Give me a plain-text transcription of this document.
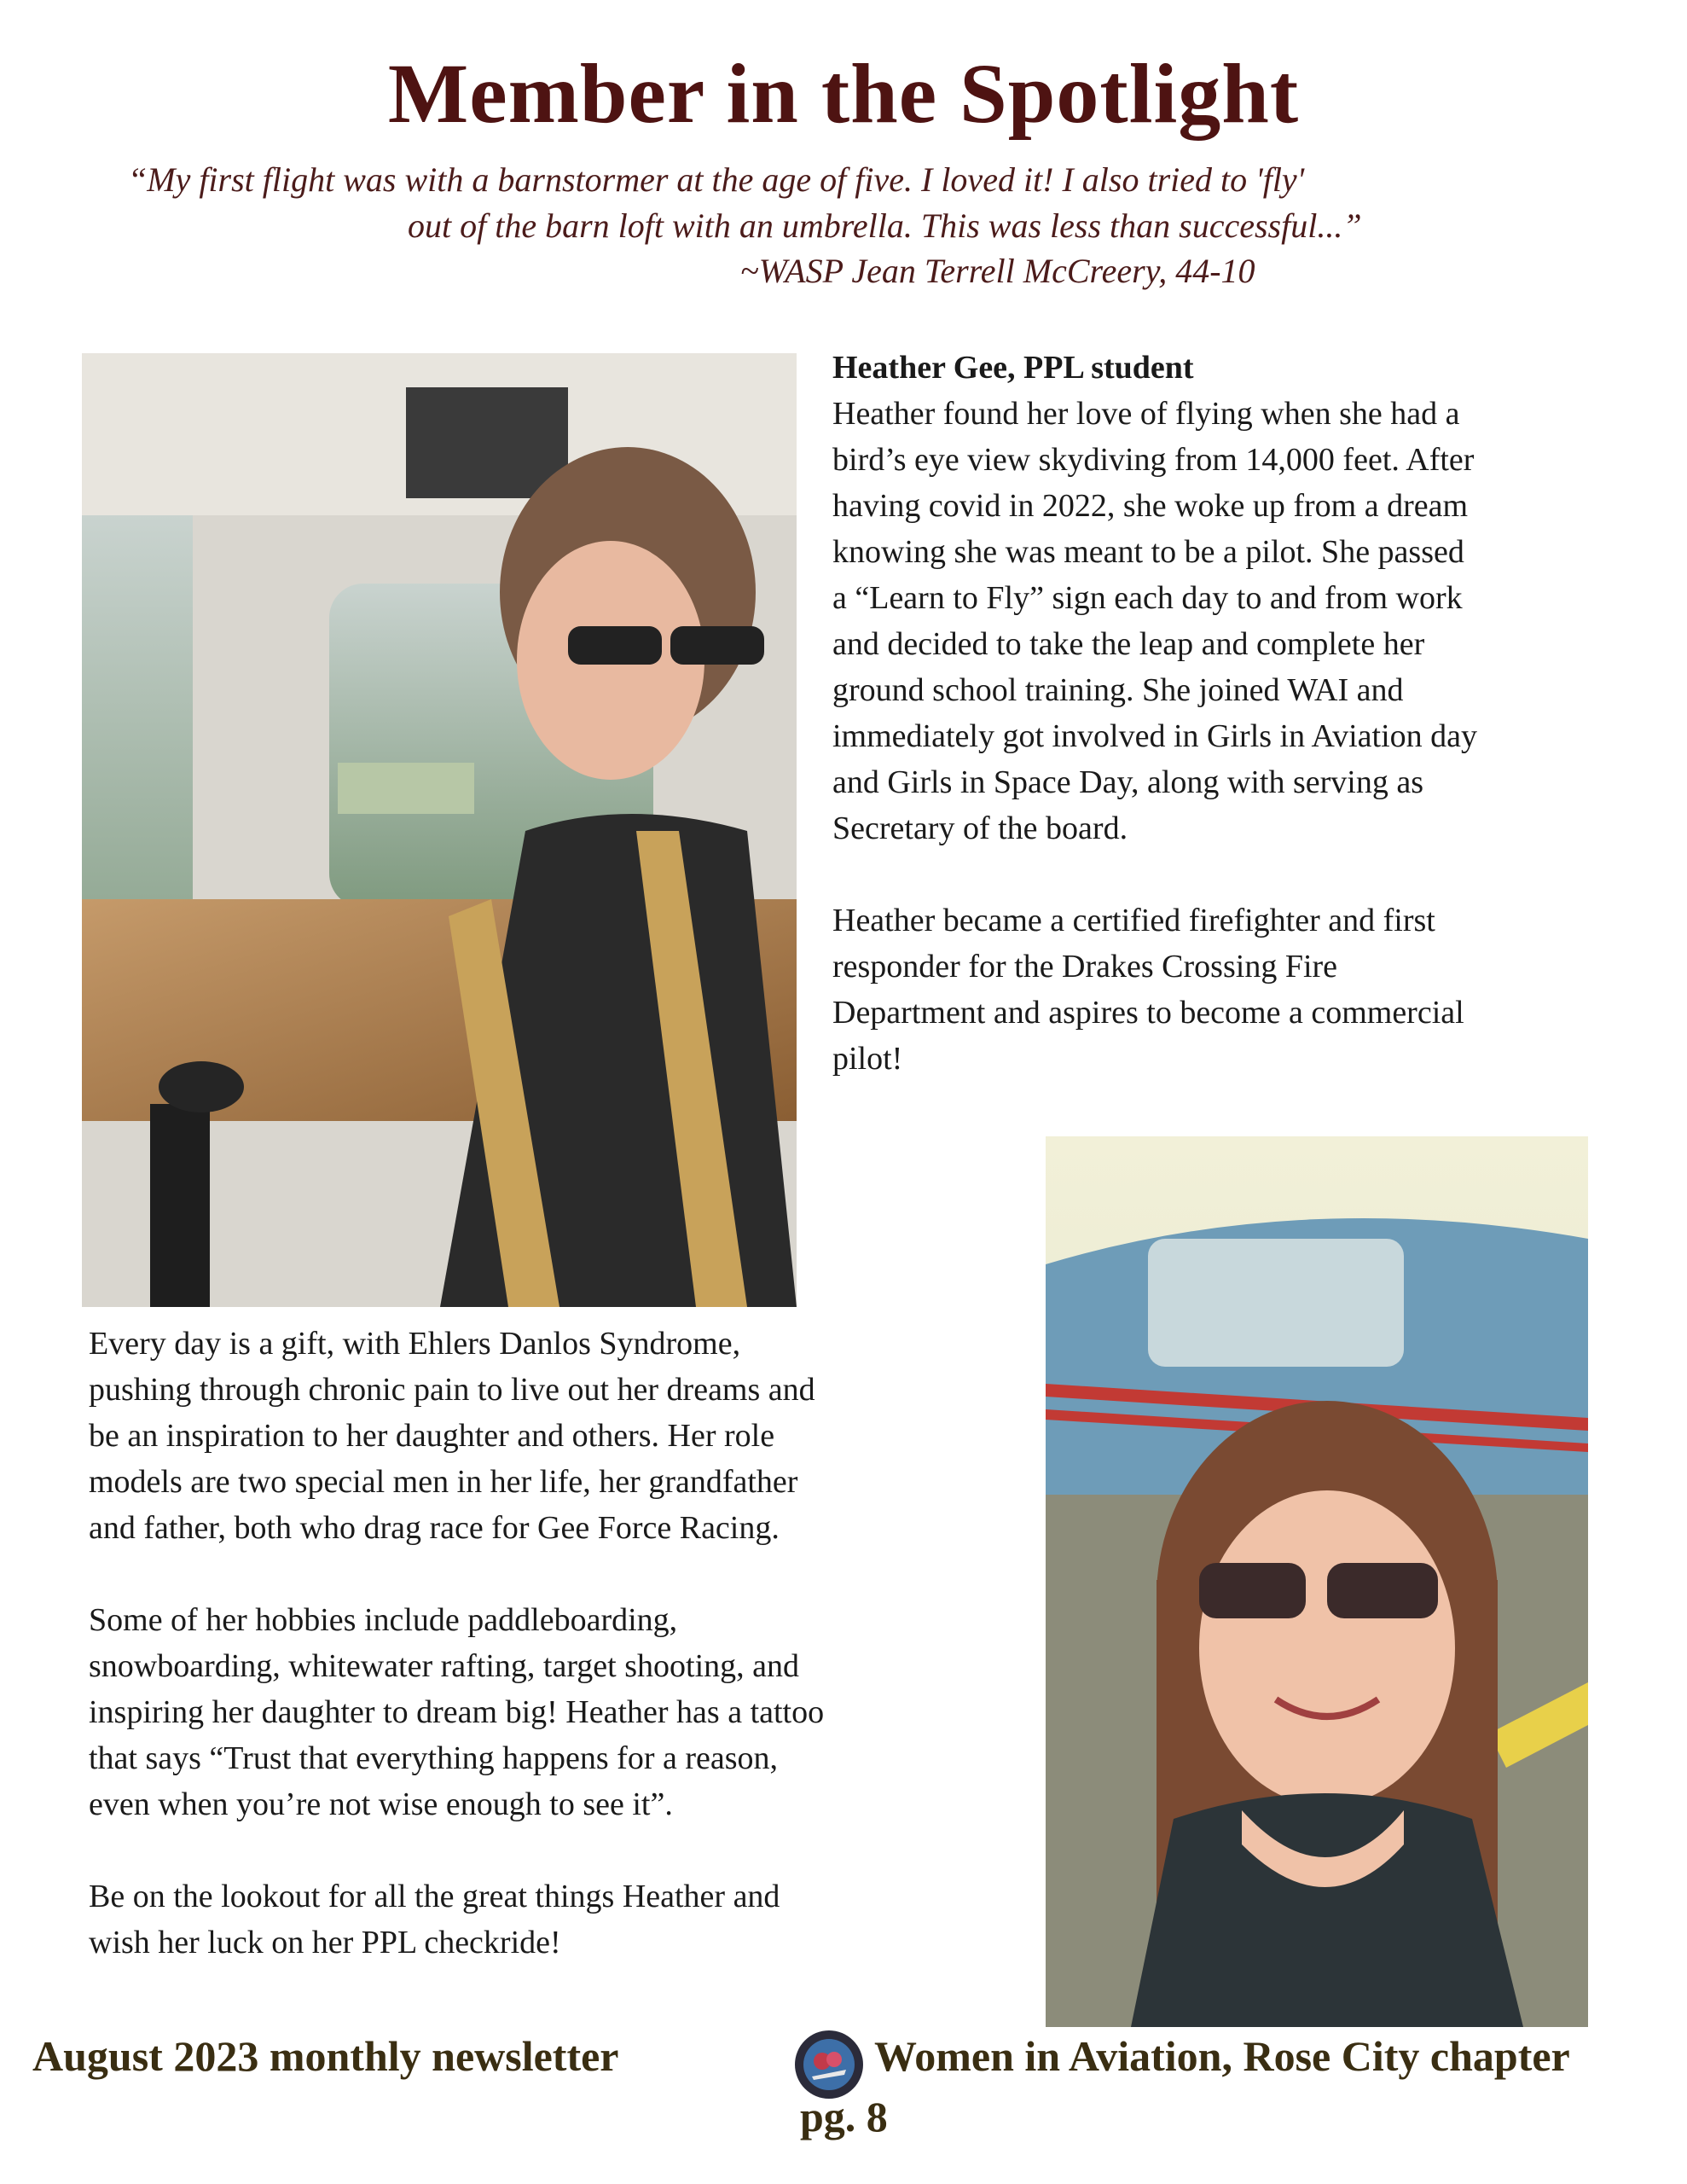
Member in the Spotlight

“My first flight was with a barnstormer at the age of five. I loved it! I also tried to 'fly'

out of the barn loft with an umbrella. This was less than successful...”

~WASP Jean Terrell McCreery, 44-10

Heather Gee, PPL student

Heather found her love of flying when she had a

bird’s eye view skydiving from 14,000 feet. After

having covid in 2022, she woke up from a dream

knowing she was meant to be a pilot. She passed

a “Learn to Fly” sign each day to and from work

and decided to take the leap and complete her

ground school training. She joined WAI and

immediately got involved in Girls in Aviation day

and Girls in Space Day, along with serving as

Secretary of the board.

Heather became a certified firefighter and first

responder for the Drakes Crossing Fire

Department and aspires to become a commercial

pilot!

Every day is a gift, with Ehlers Danlos Syndrome,

pushing through chronic pain to live out her dreams and

be an inspiration to her daughter and others. Her role

models are two special men in her life, her grandfather

and father, both who drag race for Gee Force Racing.

Some of her hobbies include paddleboarding,

snowboarding, whitewater rafting, target shooting, and

inspiring her daughter to dream big! Heather has a tattoo

that says “Trust that everything happens for a reason,

even when you’re not wise enough to see it”.

Be on the lookout for all the great things Heather and

wish her luck on her PPL checkride!

August 2023 monthly newsletter	Women in Aviation, Rose City chapter

pg. 8
